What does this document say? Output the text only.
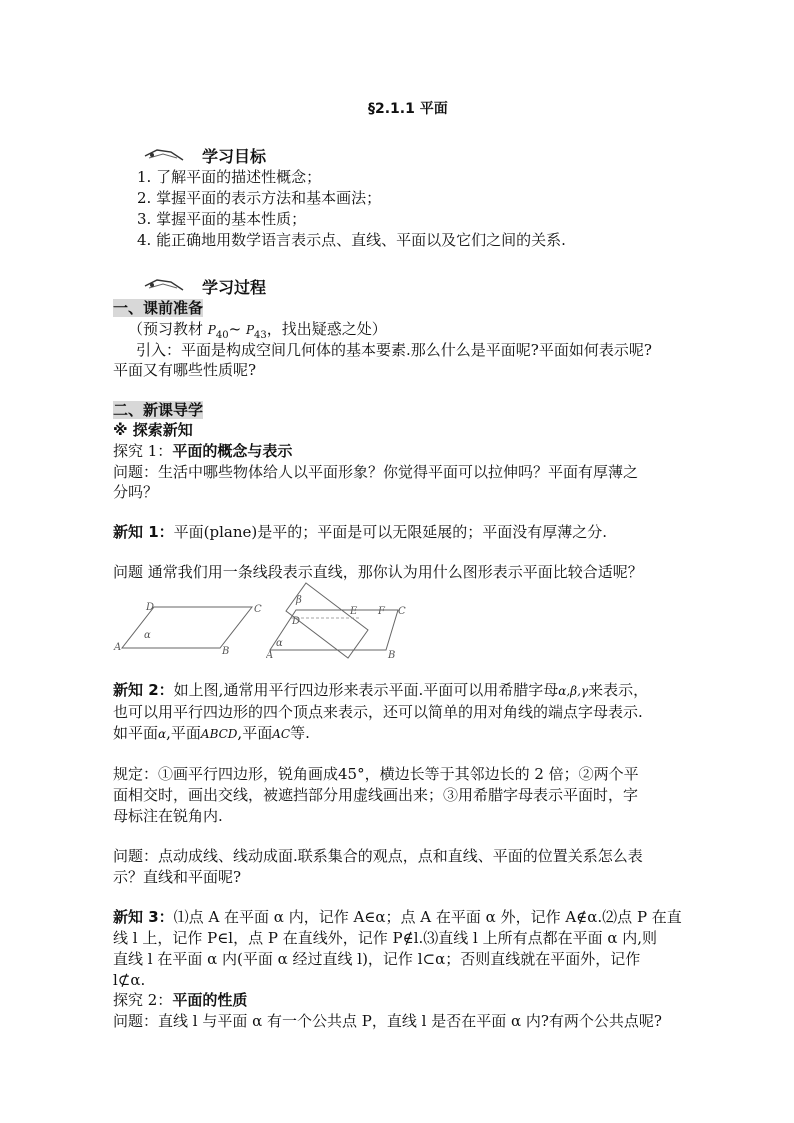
§2.1.1 平面
学习目标
1. 了解平面的描述性概念；
2. 掌握平面的表示方法和基本画法；
3. 掌握平面的基本性质；
4. 能正确地用数学语言表示点、直线、平面以及它们之间的关系.
学习过程
一、课前准备
（预习教材 $P_{40}\sim$ $P_{43}$，找出疑惑之处）
引入：平面是构成空间几何体的基本要素.那么什么是平面呢?平面如何表示呢?
平面又有哪些性质呢?
二、新课导学
※ 探索新知
探究 1：平面的概念与表示
问题：生活中哪些物体给人以平面形象？你觉得平面可以拉伸吗？平面有厚薄之
分吗？
新知 1：平面(plane)是平的；平面是可以无限延展的；平面没有厚薄之分.
问题 通常我们用一条线段表示直线，那你认为用什么图形表示平面比较合适呢？
D	C
A	B
α
β
D
F
E	C
α
A	B
新知 2：如上图,通常用平行四边形来表示平面.平面可以用希腊字母α,β,γ来表示，
也可以用平行四边形的四个顶点来表示，还可以简单的用对角线的端点字母表示.
如平面α,平面ABCD,平面AC等.
规定：①画平行四边形，锐角画成45°，横边长等于其邻边长的 2 倍；②两个平
面相交时，画出交线，被遮挡部分用虚线画出来；③用希腊字母表示平面时，字
母标注在锐角内.
问题：点动成线、线动成面.联系集合的观点，点和直线、平面的位置关系怎么表
示？直线和平面呢?
新知 3：⑴点 A 在平面 α 内，记作 A∈α；点 A 在平面 α 外，记作 A∉α.⑵点 P 在直
线 l 上，记作 P∈l，点 P 在直线外，记作 P∉l.⑶直线 l 上所有点都在平面 α 内,则
直线 l 在平面 α 内(平面 α 经过直线 l)，记作 l⊂α；否则直线就在平面外，记作
l⊄α.
探究 2：平面的性质
问题：直线 l 与平面 α 有一个公共点 P，直线 l 是否在平面 α 内?有两个公共点呢?
